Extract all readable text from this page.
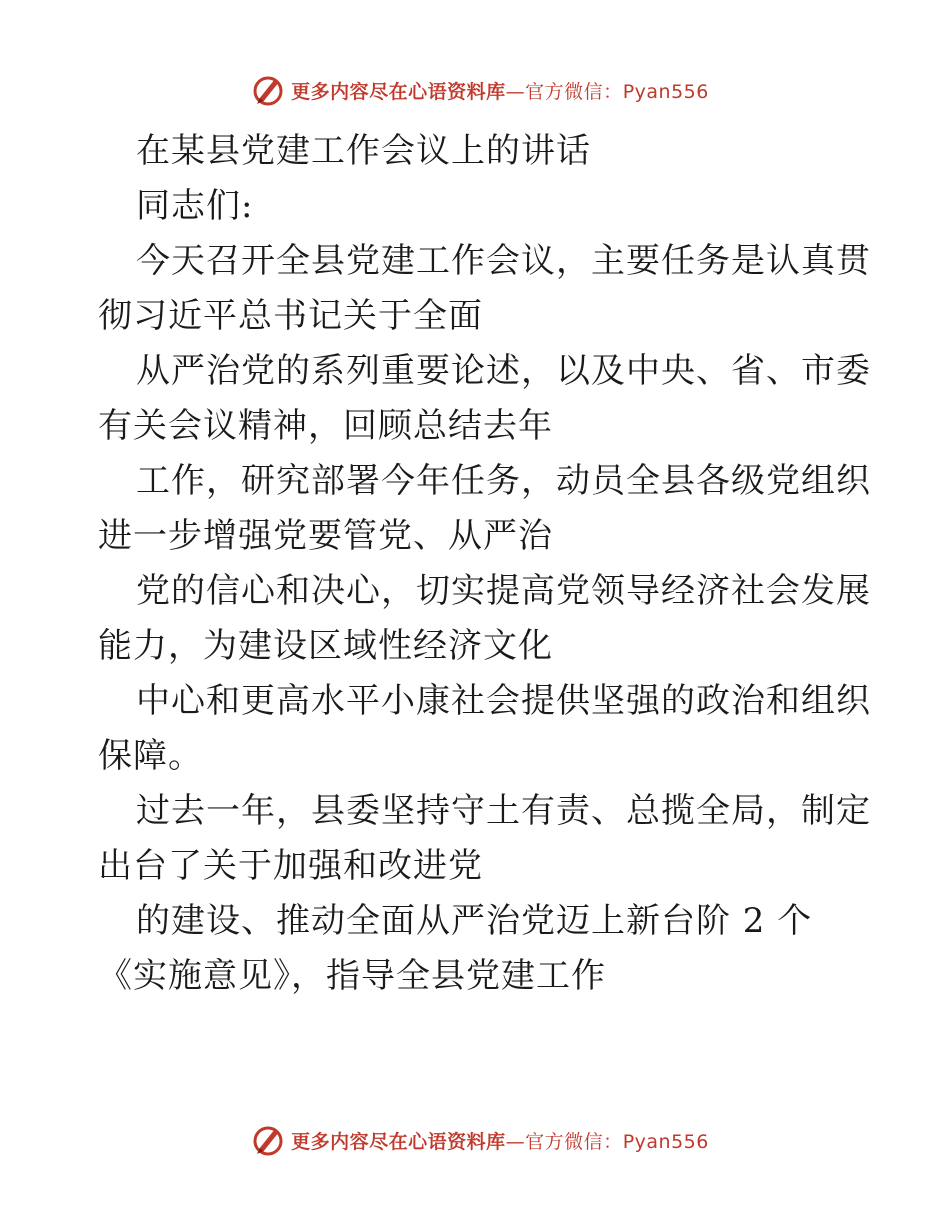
更多内容尽在心语资料库—官方微信：Pyan556
在某县党建工作会议上的讲话
同志们:
今天召开全县党建工作会议，主要任务是认真贯
彻习近平总书记关于全面
从严治党的系列重要论述，以及中央、省、市委
有关会议精神，回顾总结去年
工作，研究部署今年任务，动员全县各级党组织
进一步增强党要管党、从严治
党的信心和决心，切实提高党领导经济社会发展
能力，为建设区域性经济文化
中心和更高水平小康社会提供坚强的政治和组织
保障。
过去一年，县委坚持守土有责、总揽全局，制定
出台了关于加强和改进党
的建设、推动全面从严治党迈上新台阶 2 个
《实施意见》，指导全县党建工作
更多内容尽在心语资料库—官方微信：Pyan556
